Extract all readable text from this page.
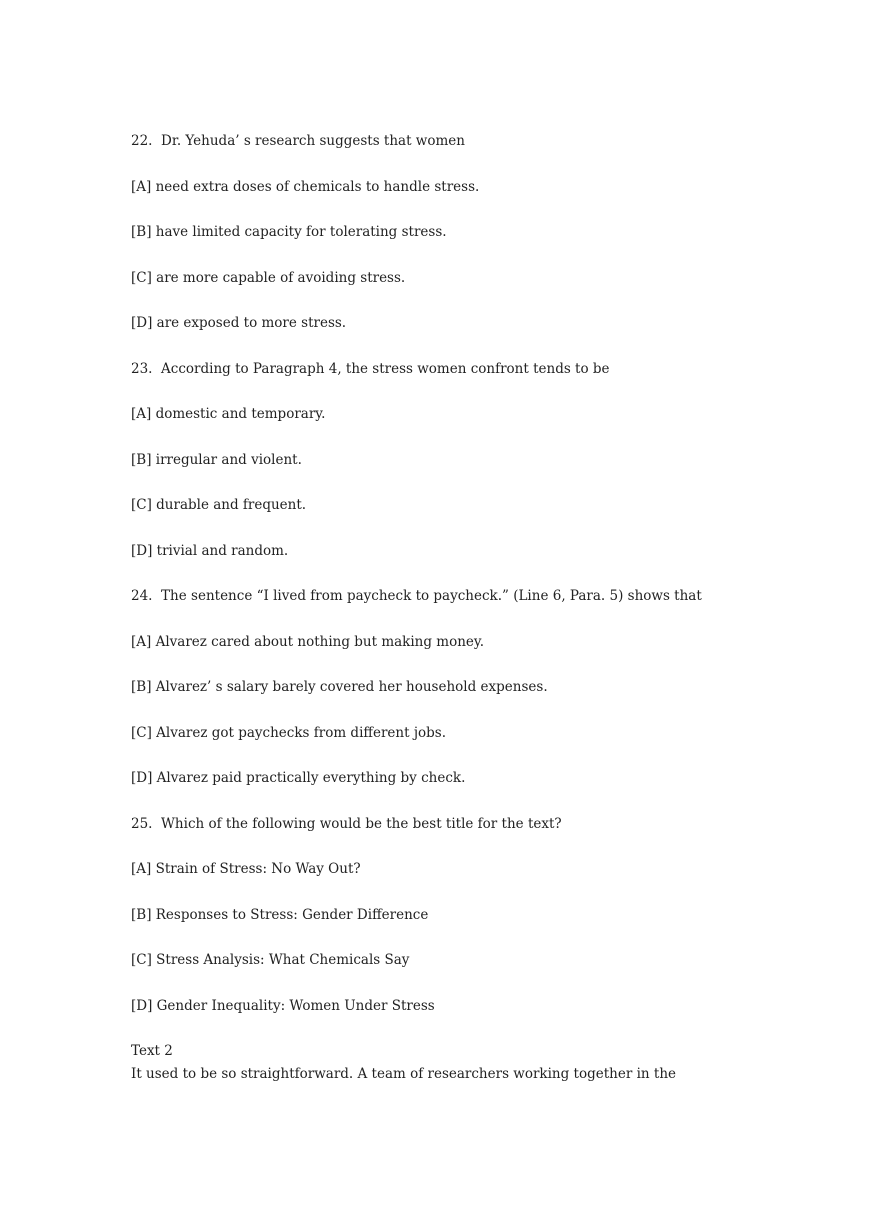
22.  Dr. Yehuda’ s research suggests that women

[A] need extra doses of chemicals to handle stress.

[B] have limited capacity for tolerating stress.

[C] are more capable of avoiding stress.

[D] are exposed to more stress.

23.  According to Paragraph 4, the stress women confront tends to be

[A] domestic and temporary.

[B] irregular and violent.

[C] durable and frequent.

[D] trivial and random.

24.  The sentence “I lived from paycheck to paycheck.” (Line 6, Para. 5) shows that

[A] Alvarez cared about nothing but making money.

[B] Alvarez’ s salary barely covered her household expenses.

[C] Alvarez got paychecks from different jobs.

[D] Alvarez paid practically everything by check.

25.  Which of the following would be the best title for the text?

[A] Strain of Stress: No Way Out?

[B] Responses to Stress: Gender Difference

[C] Stress Analysis: What Chemicals Say

[D] Gender Inequality: Women Under Stress

Text 2

It used to be so straightforward. A team of researchers working together in the
